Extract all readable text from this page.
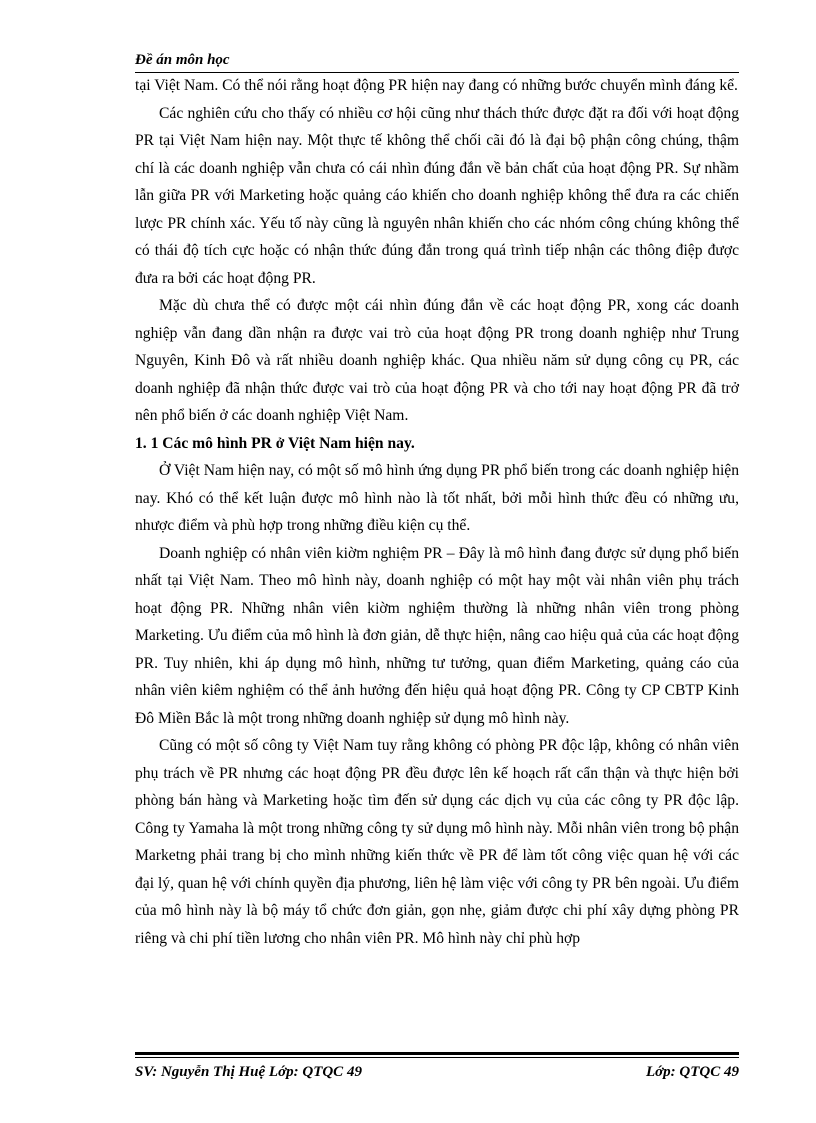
Đề án môn học

tại Việt Nam. Có thể nói rằng hoạt động PR hiện nay đang có những bước chuyển mình đáng kể.

Các nghiên cứu cho thấy có nhiều cơ hội cũng như thách thức được đặt ra đối với hoạt động PR tại Việt Nam hiện nay. Một thực tế không thể chối cãi đó là đại bộ phận công chúng, thậm chí là các doanh nghiệp vẫn chưa có cái nhìn đúng đắn về bản chất của hoạt động PR. Sự nhầm lẫn giữa PR với Marketing hoặc quảng cáo khiến cho doanh nghiệp không thể đưa ra các chiến lược PR chính xác. Yếu tố này cũng là nguyên nhân khiến cho các nhóm công chúng không thể có thái độ tích cực hoặc có nhận thức đúng đắn trong quá trình tiếp nhận các thông điệp được đưa ra bởi các hoạt động PR.

Mặc dù chưa thể có được một cái nhìn đúng đắn về các hoạt động PR, xong các doanh nghiệp vẫn đang dần nhận ra được vai trò của hoạt động PR trong doanh nghiệp như Trung Nguyên, Kinh Đô và rất nhiều doanh nghiệp khác. Qua nhiều năm sử dụng công cụ PR, các doanh nghiệp đã nhận thức được vai trò của hoạt động PR và cho tới nay hoạt động PR đã trở nên phổ biến ở các doanh nghiệp Việt Nam.

1. 1 Các mô hình PR ở Việt Nam hiện nay.

Ở Việt Nam hiện nay, có một số mô hình ứng dụng PR phổ biến trong các doanh nghiệp hiện nay. Khó có thể kết luận được mô hình nào là tốt nhất, bởi mỗi hình thức đều có những ưu, nhược điểm và phù hợp trong những điều kiện cụ thể.

Doanh nghiệp có nhân viên kiờm nghiệm PR – Đây là mô hình đang được sử dụng phổ biến nhất tại Việt Nam. Theo mô hình này, doanh nghiệp có một hay một vài nhân viên phụ trách hoạt động PR. Những nhân viên kiờm nghiệm thường là những nhân viên trong phòng Marketing. Ưu điểm của mô hình là đơn giản, dễ thực hiện, nâng cao hiệu quả của các hoạt động PR. Tuy nhiên, khi áp dụng mô hình, những tư tưởng, quan điểm Marketing, quảng cáo của nhân viên kiêm nghiệm có thể ảnh hưởng đến hiệu quả hoạt động PR. Công ty CP CBTP Kinh Đô Miền Bắc là một trong những doanh nghiệp sử dụng mô hình này.

Cũng có một số công ty Việt Nam tuy rằng không có phòng PR độc lập, không có nhân viên phụ trách về PR nhưng các hoạt động PR đều được lên kế hoạch rất cẩn thận và thực hiện bởi phòng bán hàng và Marketing hoặc tìm đến sử dụng các dịch vụ của các công ty PR độc lập. Công ty Yamaha là một trong những công ty sử dụng mô hình này. Mỗi nhân viên trong bộ phận Marketng phải trang bị cho mình những kiến thức về PR để làm tốt công việc quan hệ với các đại lý, quan hệ với chính quyền địa phương, liên hệ làm việc với công ty PR bên ngoài. Ưu điểm của mô hình này là bộ máy tổ chức đơn giản, gọn nhẹ, giảm được chi phí xây dựng phòng PR riêng và chi phí tiền lương cho nhân viên PR. Mô hình này chỉ phù hợp

SV: Nguyễn Thị Huệ Lớp: QTQC 49	Lớp: QTQC 49
